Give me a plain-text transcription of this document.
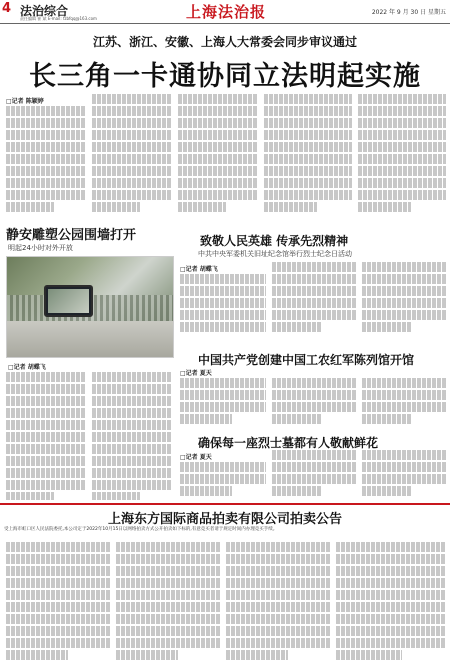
4 法治综合
责任编辑 崔 斌 E-mail: fzbfqq@163.com	上海法治报	2022 年 9 月 30 日 星期五
江苏、浙江、安徽、上海人大常委会同步审议通过
长三角一卡通协同立法明起实施
□记者 陈颖婷
静安雕塑公园围墙打开
明起24小时对外开放
□记者 胡蝶飞
致敬人民英雄 传承先烈精神
中共中央军委机关旧址纪念馆举行烈士纪念日活动
□记者 胡蝶飞
中国共产党创建中国工农红军陈列馆开馆
□记者 夏天
确保每一座烈士墓都有人敬献鲜花
□记者 夏天
上海东方国际商品拍卖有限公司拍卖公告
受上海市虹口区人民法院委托,本公司定于2022年10月15日以网络拍卖方式公开拍卖如下标的,有意竞买者请于规定时间内办理竞买手续。
